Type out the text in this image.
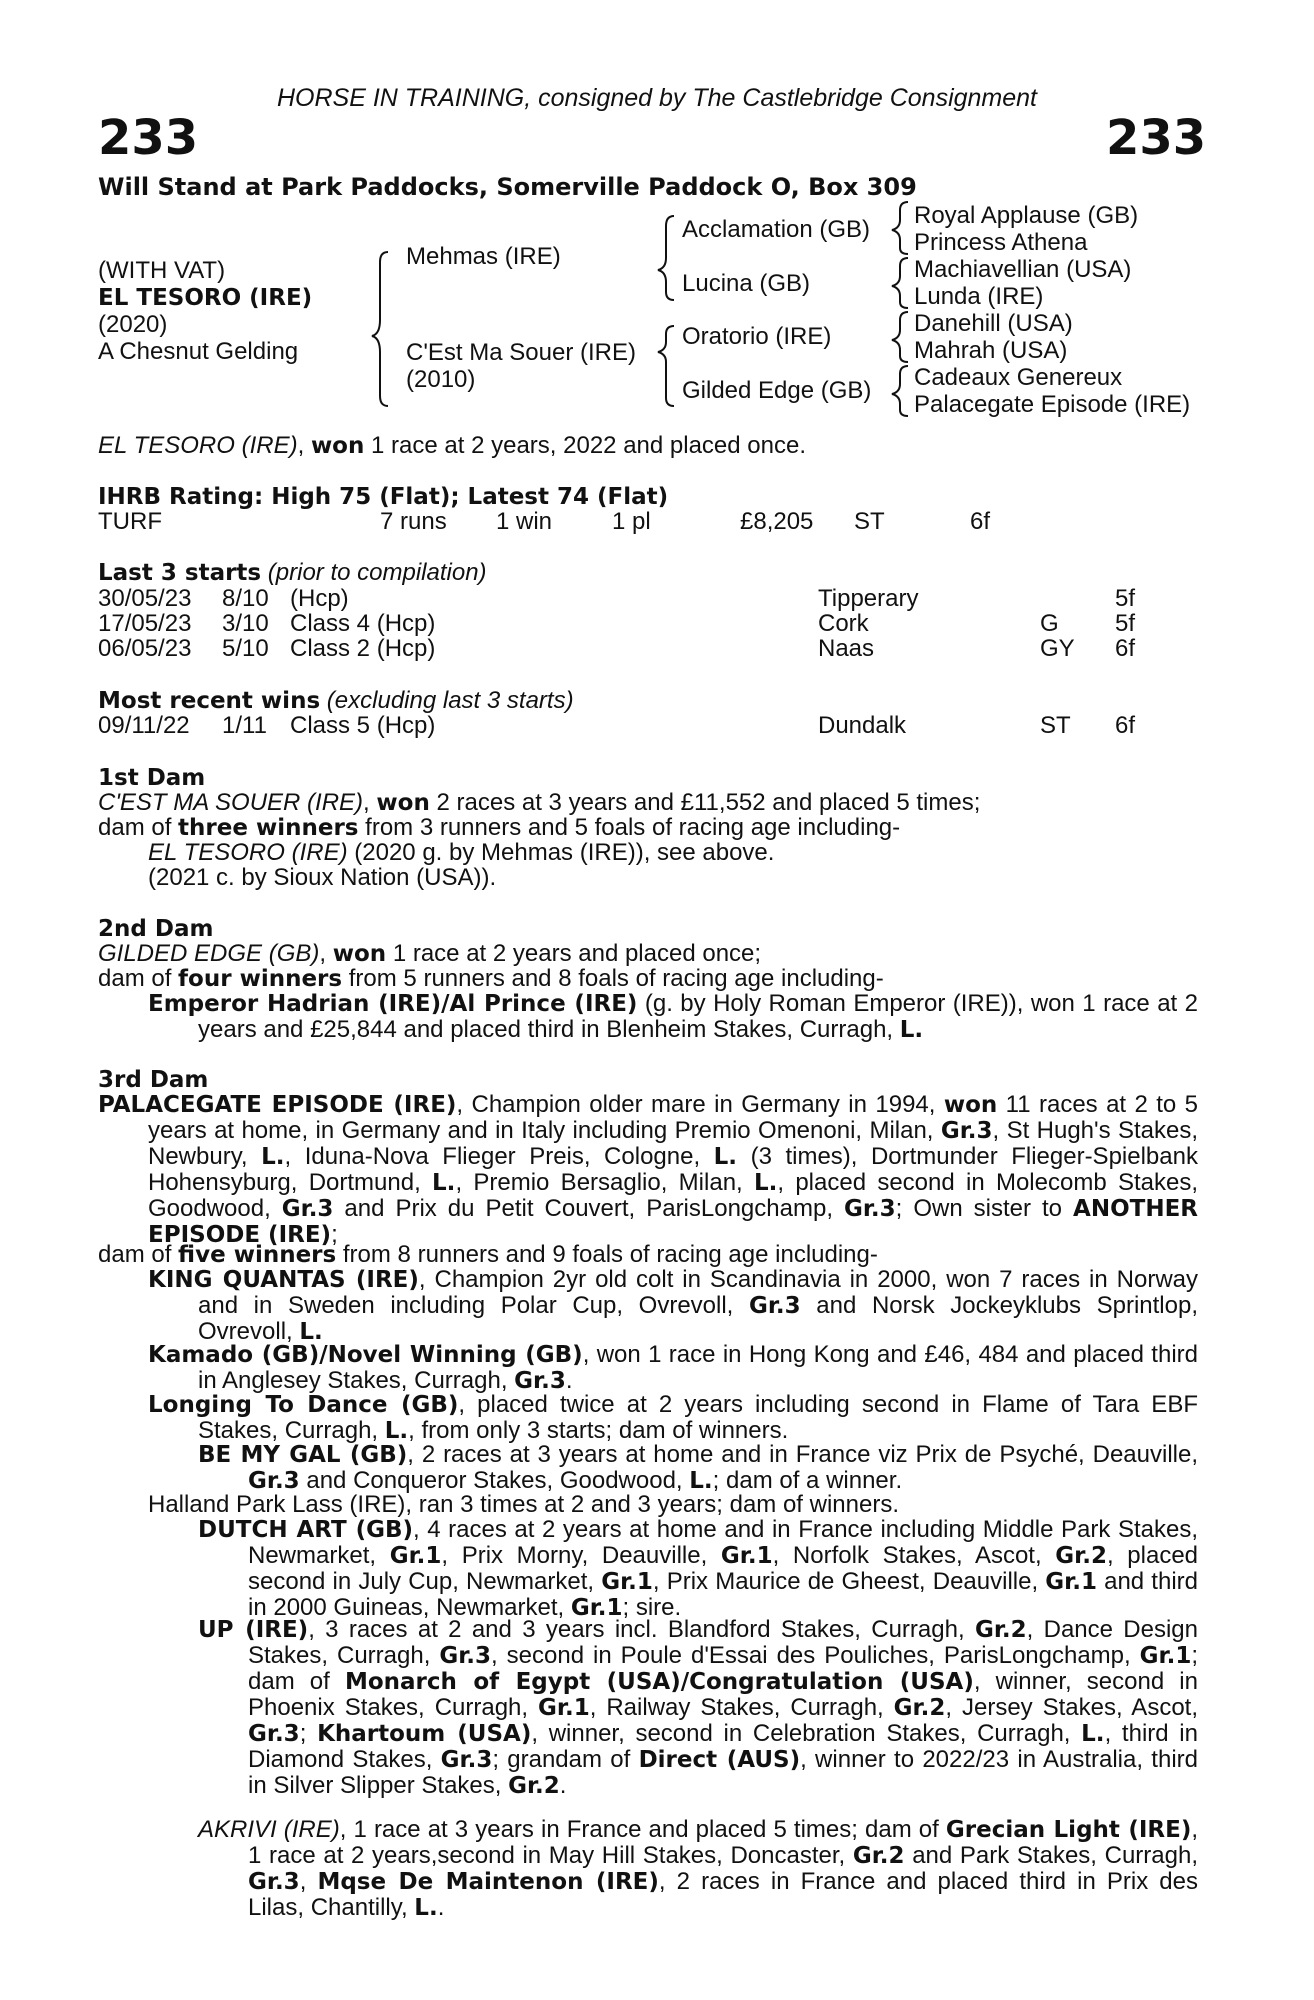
HORSE IN TRAINING, consigned by The Castlebridge Consignment
233	233
Will Stand at Park Paddocks, Somerville Paddock O, Box 309
(WITH VAT)
EL TESORO (IRE)
(2020)
A Chesnut Gelding
Mehmas (IRE)
C'Est Ma Souer (IRE)
(2010)
Acclamation (GB)
Lucina (GB)
Oratorio (IRE)
Gilded Edge (GB)
Royal Applause (GB)
Princess Athena
Machiavellian (USA)
Lunda (IRE)
Danehill (USA)
Mahrah (USA)
Cadeaux Genereux
Palacegate Episode (IRE)
EL TESORO (IRE), won 1 race at 2 years, 2022 and placed once.
IHRB Rating: High 75 (Flat); Latest 74 (Flat)
TURF	7 runs 1 win 1 pl	£8,205 ST	6f
Last 3 starts (prior to compilation)
30/05/23 8/10 (Hcp)	Tipperary	5f
17/05/23 3/10 Class 4 (Hcp)	Cork	G 5f
06/05/23 5/10 Class 2 (Hcp)	Naas	GY 6f
Most recent wins (excluding last 3 starts)
09/11/22 1/11 Class 5 (Hcp)	Dundalk	ST 6f
1st Dam
C'EST MA SOUER (IRE), won 2 races at 3 years and £11,552 and placed 5 times;
dam of three winners from 3 runners and 5 foals of racing age including-
EL TESORO (IRE) (2020 g. by Mehmas (IRE)), see above.
(2021 c. by Sioux Nation (USA)).
2nd Dam
GILDED EDGE (GB), won 1 race at 2 years and placed once;
dam of four winners from 5 runners and 8 foals of racing age including-
Emperor Hadrian (IRE)/Al Prince (IRE) (g. by Holy Roman Emperor (IRE)), won 1 race at 2 years and £25,844 and placed third in Blenheim Stakes, Curragh, L.
3rd Dam
PALACEGATE EPISODE (IRE), Champion older mare in Germany in 1994, won 11 races at 2 to 5 years at home, in Germany and in Italy including Premio Omenoni, Milan, Gr.3, St Hugh's Stakes, Newbury, L., Iduna-Nova Flieger Preis, Cologne, L. (3 times), Dortmunder Flieger-Spielbank Hohensyburg, Dortmund, L., Premio Bersaglio, Milan, L., placed second in Molecomb Stakes, Goodwood, Gr.3 and Prix du Petit Couvert, ParisLongchamp, Gr.3; Own sister to ANOTHER EPISODE (IRE);
dam of five winners from 8 runners and 9 foals of racing age including-
KING QUANTAS (IRE), Champion 2yr old colt in Scandinavia in 2000, won 7 races in Norway and in Sweden including Polar Cup, Ovrevoll, Gr.3 and Norsk Jockeyklubs Sprintlop, Ovrevoll, L.
Kamado (GB)/Novel Winning (GB), won 1 race in Hong Kong and £46, 484 and placed third in Anglesey Stakes, Curragh, Gr.3.
Longing To Dance (GB), placed twice at 2 years including second in Flame of Tara EBF Stakes, Curragh, L., from only 3 starts; dam of winners.
BE MY GAL (GB), 2 races at 3 years at home and in France viz Prix de Psyché, Deauville, Gr.3 and Conqueror Stakes, Goodwood, L.; dam of a winner.
Halland Park Lass (IRE), ran 3 times at 2 and 3 years; dam of winners.
DUTCH ART (GB), 4 races at 2 years at home and in France including Middle Park Stakes, Newmarket, Gr.1, Prix Morny, Deauville, Gr.1, Norfolk Stakes, Ascot, Gr.2, placed second in July Cup, Newmarket, Gr.1, Prix Maurice de Gheest, Deauville, Gr.1 and third in 2000 Guineas, Newmarket, Gr.1; sire.
UP (IRE), 3 races at 2 and 3 years incl. Blandford Stakes, Curragh, Gr.2, Dance Design Stakes, Curragh, Gr.3, second in Poule d'Essai des Pouliches, ParisLongchamp, Gr.1; dam of Monarch of Egypt (USA)/Congratulation (USA), winner, second in Phoenix Stakes, Curragh, Gr.1, Railway Stakes, Curragh, Gr.2, Jersey Stakes, Ascot, Gr.3; Khartoum (USA), winner, second in Celebration Stakes, Curragh, L., third in Diamond Stakes, Gr.3; grandam of Direct (AUS), winner to 2022/23 in Australia, third in Silver Slipper Stakes, Gr.2.
AKRIVI (IRE), 1 race at 3 years in France and placed 5 times; dam of Grecian Light (IRE), 1 race at 2 years,second in May Hill Stakes, Doncaster, Gr.2 and Park Stakes, Curragh, Gr.3, Mqse De Maintenon (IRE), 2 races in France and placed third in Prix des Lilas, Chantilly, L..
